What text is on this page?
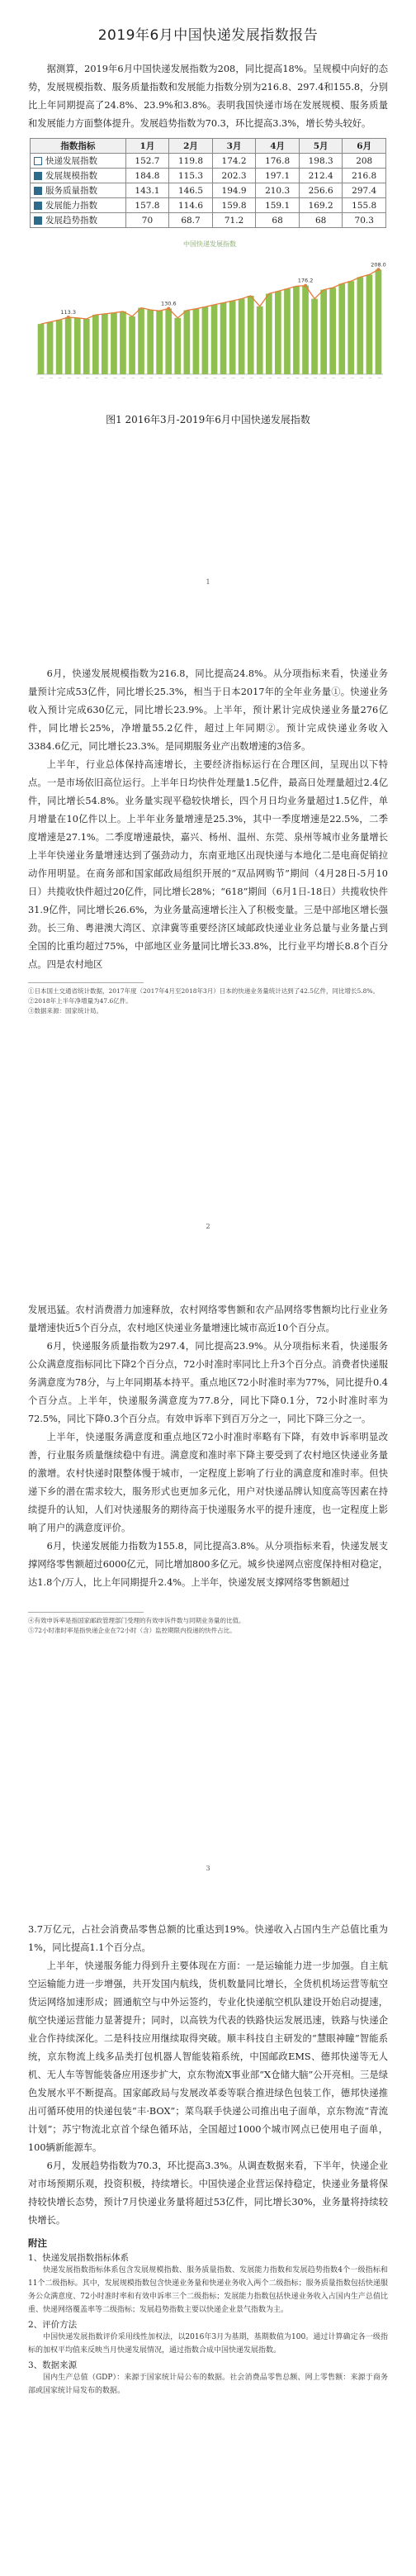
2019年6月中国快递发展指数报告

据测算，2019年6月中国快递发展指数为208，同比提高18%。呈规模中向好的态势，发展规模指数、服务质量指数和发展能力指数分别为216.8、297.4和155.8，分别比上年同期提高了24.8%、23.9%和3.8%。表明我国快递市场在发展规模、服务质量和发展能力方面整体提升。发展趋势指数为70.3，环比提高3.3%，增长势头较好。

指数指标	1月	2月	3月	4月	5月	6月
快递发展指数	152.7	119.8	174.2	176.8	198.3	208
发展规模指数	184.8	115.3	202.3	197.1	212.4	216.8
服务质量指数	143.1	146.5	194.9	210.3	256.6	297.4
发展能力指数	157.8	114.6	159.8	159.1	169.2	155.8
发展趋势指数	70	68.7	71.2	68	68	70.3
中国快递发展指数
| | | | | | | | | | | | | | | | | | | | | | | | | | | | | | | | | | | | | |
113.3
130.6
176.2
208.0
图1 2016年3月-2019年6月中国快递发展指数
1

6月，快递发展规模指数为216.8，同比提高24.8%。从分项指标来看，快递业务量预计完成53亿件，同比增长25.3%，相当于日本2017年的全年业务量①。快递业务收入预计完成630亿元，同比增长23.9%。上半年，预计累计完成快递业务量276亿件，同比增长25%，净增量55.2亿件，超过上年同期②。预计完成快递业务收入3384.6亿元，同比增长23.3%。是同期服务业产出数增速的3倍多。

上半年，行业总体保持高速增长，主要经济指标运行在合理区间，呈现出以下特点。一是市场依旧高位运行。上半年日均快件处理量1.5亿件，最高日处理量超过2.4亿件，同比增长54.8%。业务量实现平稳较快增长，四个月日均业务量超过1.5亿件，单月增量在10亿件以上。上半年业务量增速是25.3%，其中一季度增速是22.5%，二季度增速是27.1%。二季度增速最快，嘉兴、杨州、温州、东莞、泉州等城市业务量增长上半年快递业务量增速达到了强劲动力，东南亚地区出现快递与本地化二是电商促销拉动作用明显。在商务部和国家邮政局组织开展的“双品网购节”期间（4月28日-5月10日）共揽收快件超过20亿件，同比增长28%；“618”期间（6月1日-18日）共揽收快件31.9亿件，同比增长26.6%，为业务量高速增长注入了积极变量。三是中部地区增长强劲。长三角、粤港澳大湾区、京津冀等重要经济区域邮政快递业业务总量与业务量占到全国的比重均超过75%，中部地区业务量同比增长33.8%，比行业平均增长8.8个百分点。四是农村地区

①日本国土交通省统计数据，2017年度（2017年4月至2018年3月）日本的快递业务量统计达到了42.5亿件，同比增长5.8%。
②2018年上半年净增量为47.6亿件。
③数据来源：国家统计局。
2

发展迅猛。农村消费潜力加速释放，农村网络零售额和农产品网络零售额均比行业业务量增速快近5个百分点，农村地区快递业务量增速比城市高近10个百分点。

6月，快递服务质量指数为297.4，同比提高23.9%。从分项指标来看，快递服务公众满意度指标同比下降2个百分点，72小时准时率同比上升3个百分点。消费者快递服务满意度为78分，与上年同期基本持平。重点地区72小时准时率为77%，同比提升0.4个百分点。上半年，快递服务满意度为77.8分，同比下降0.1分，72小时准时率为72.5%，同比下降0.3个百分点。有效申诉率下到百万分之一，同比下降三分之一。

上半年，快递服务满意度和重点地区72小时准时率略有下降，有效申诉率明显改善，行业服务质量继续稳中有进。满意度和准时率下降主要受到了农村地区快递业务量的激增。农村快递时限整体慢于城市，一定程度上影响了行业的满意度和准时率。但快递下乡的潜在需求较大，服务形式也更加多元化，用户对快递品牌认知度高等因素在持续提升的认知，人们对快递服务的期待高于快递服务水平的提升速度，也一定程度上影响了用户的满意度评价。

6月，快递发展能力指数为155.8，同比提高3.8%。从分项指标来看，快递发展支撑网络零售额超过6000亿元，同比增加800多亿元。城乡快递网点密度保持相对稳定，达1.8个/万人，比上年同期提升2.4%。上半年，快递发展支撑网络零售额超过

④有效申诉率是指国家邮政管理部门受理的有效申诉件数与同期业务量的比值。
⑤72小时准时率是指快递企业在72小时（含）监控期限内投递的快件占比。
3

3.7万亿元，占社会消费品零售总额的比重达到19%。快递收入占国内生产总值比重为1%，同比提高1.1个百分点。

上半年，快递服务能力得到升主要体现在方面：一是运输能力进一步加强。自主航空运输能力进一步增强，共开发国内航线，货机数量同比增长，全货机机场运营等航空货运网络加速形成；圆通航空与中外运签约，专业化快递航空机队建设开始启动提速，航空快递运营能力显著提升；同时，以高铁为代表的铁路快运发展迅速，铁路与快递企业合作持续深化。二是科技应用继续取得突破。顺丰科技自主研发的“慧眼神瞳”智能系统，京东物流上线多品类打包机器人智能装箱系统，中国邮政EMS、德邦快递等无人机、无人车等智能装备应用逐步扩大，京东物流X事业部“X仓储大脑”公开亮相。三是绿色发展水平不断提高。国家邮政局与发展改革委等联合推进绿色包装工作，德邦快递推出可循环使用的快递包装“丰·BOX”；菜鸟联手快递公司推出电子面单，京东物流“青流计划”；苏宁物流北京首个绿色循环站，全国超过1000个城市网点已使用电子面单，100辆新能源车。

6月，发展趋势指数为70.3，环比提高3.3%。从调查数据来看，下半年，快递企业对市场预期乐观，投资积极，持续增长。中国快递企业营运保持稳定，快递业务量将保持较快增长态势，预计7月快递业务量将超过53亿件，同比增长30%，业务量将持续较快增长。

附注
1、快递发展指数指标体系

快递发展指数指标体系包含发展规模指数、服务质量指数、发展能力指数和发展趋势指数4个一级指标和11个二级指标。其中，发展规模指数包含快递业务量和快递业务收入两个二级指标；服务质量指数包括快递服务公众满意度、72小时准时率和有效申诉率三个二级指标；发展能力指数包括快递业务收入占国内生产总值比重、快递网络覆盖率等二级指标；发展趋势指数主要以快递企业景气指数为主。

2、评价方法

中国快递发展指数评价采用线性加权法，以2016年3月为基期，基期数值为100。通过计算确定各一级指标的加权平均值来反映当月快递发展情况，通过指数合成中国快递发展指数。

3、数据来源

国内生产总值（GDP）：来源于国家统计局公布的数据。社会消费品零售总额、网上零售额：来源于商务部或国家统计局发布的数据。
